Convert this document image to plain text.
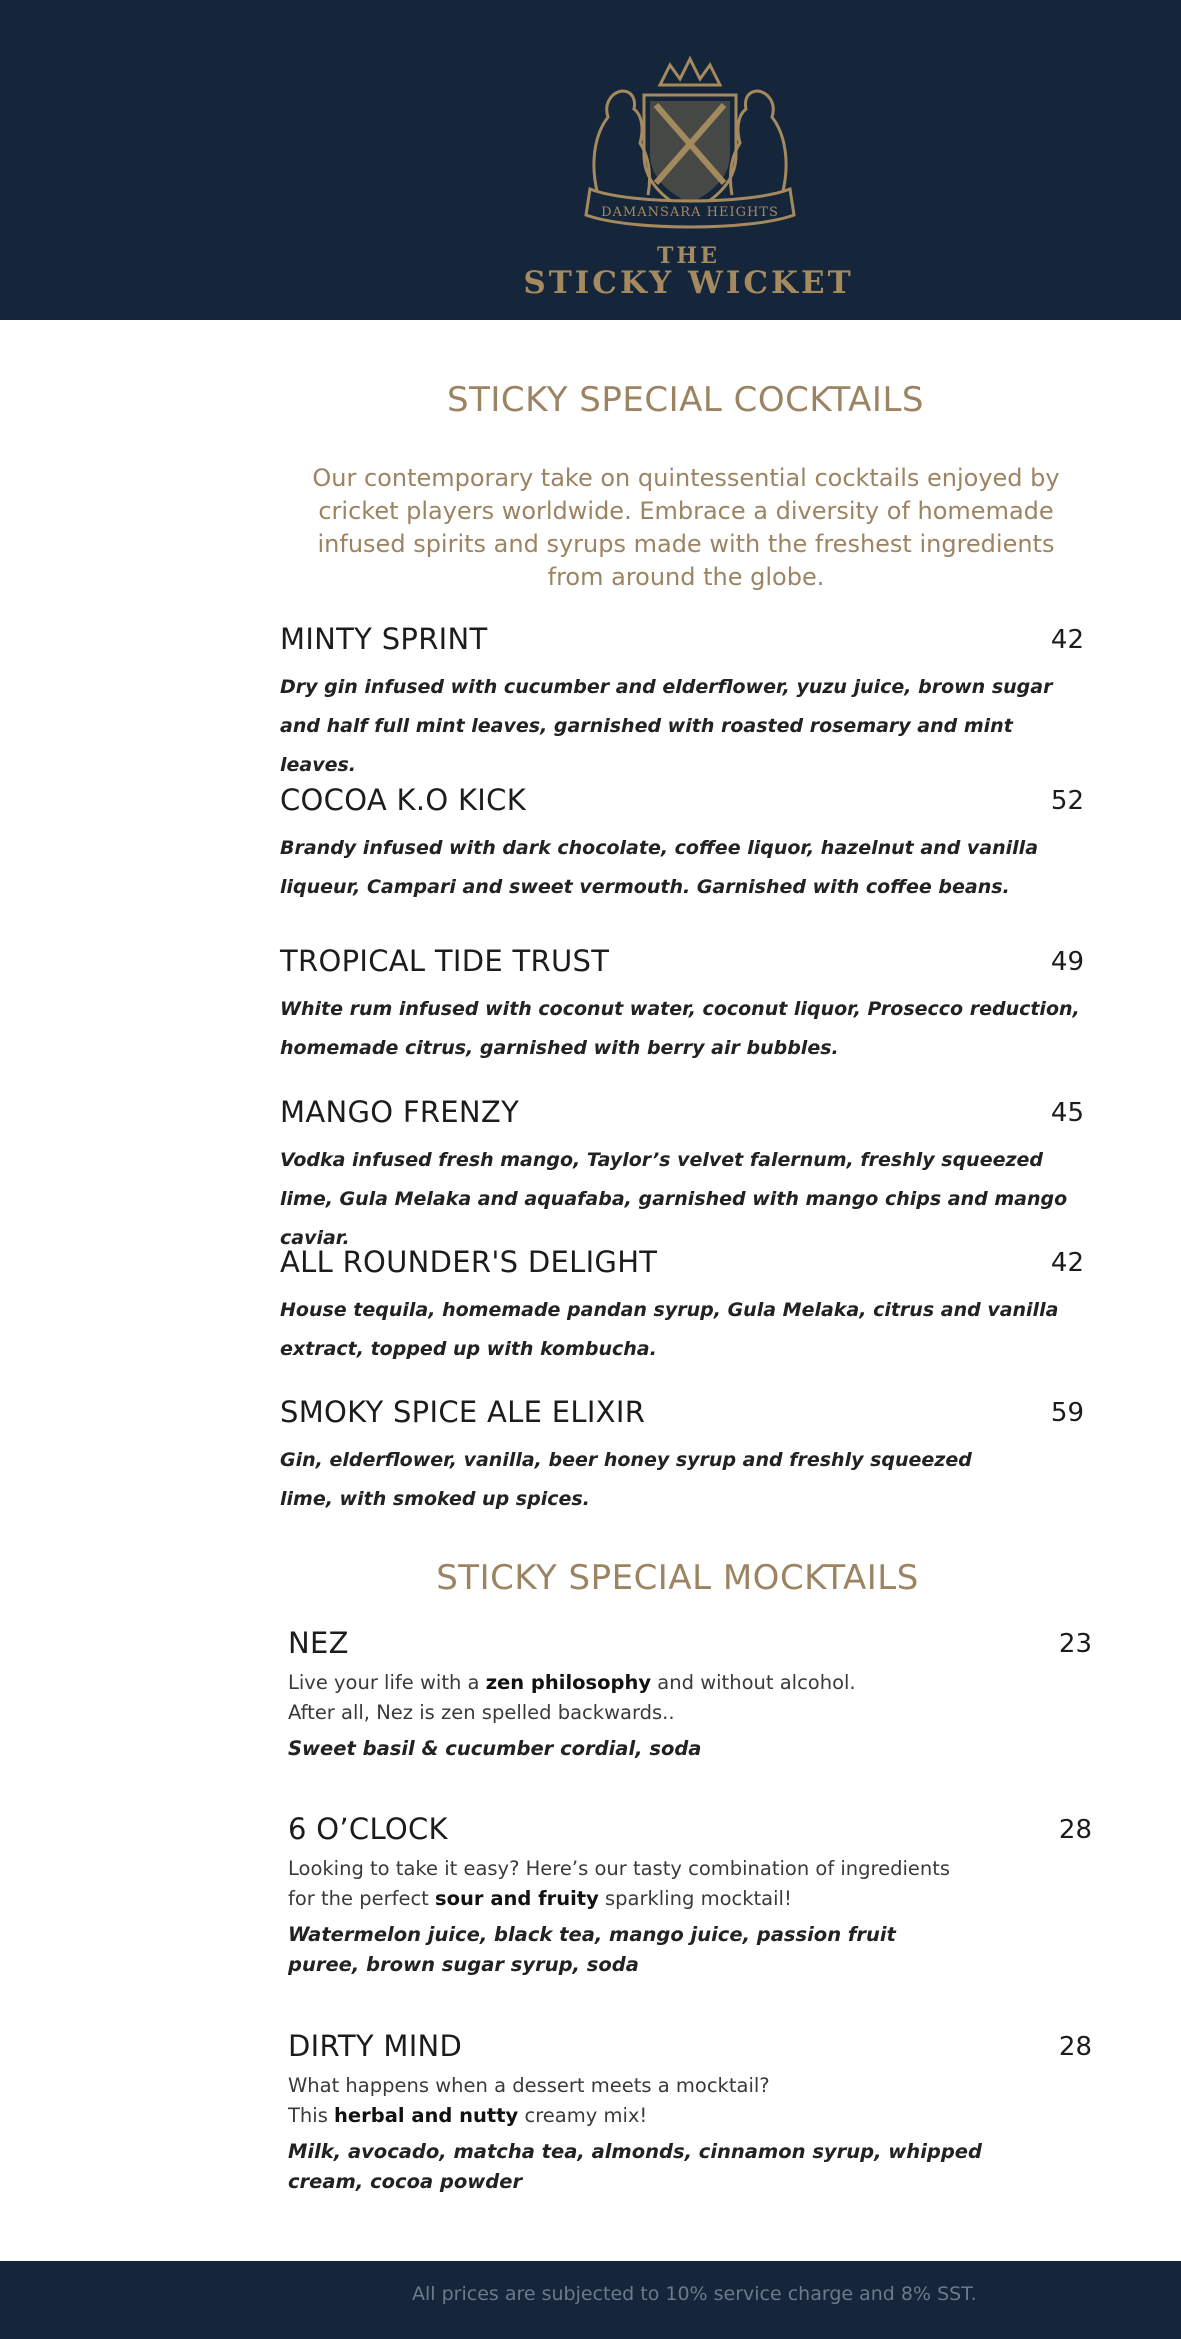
DAMANSARA HEIGHTS
THE
STICKY WICKET
STICKY SPECIAL COCKTAILS

Our contemporary take on quintessential cocktails enjoyed by cricket players worldwide. Embrace a diversity of homemade infused spirits and syrups made with the freshest ingredients from around the globe.

MINTY SPRINT	42

Dry gin infused with cucumber and elderflower, yuzu juice, brown sugar and half full mint leaves, garnished with roasted rosemary and mint leaves.

COCOA K.O KICK	52

Brandy infused with dark chocolate, coffee liquor, hazelnut and vanilla liqueur, Campari and sweet vermouth. Garnished with coffee beans.

TROPICAL TIDE TRUST	49

White rum infused with coconut water, coconut liquor, Prosecco reduction, homemade citrus, garnished with berry air bubbles.

MANGO FRENZY	45

Vodka infused fresh mango, Taylor’s velvet falernum, freshly squeezed lime, Gula Melaka and aquafaba, garnished with mango chips and mango caviar.

ALL ROUNDER'S DELIGHT	42

House tequila, homemade pandan syrup, Gula Melaka, citrus and vanilla extract, topped up with kombucha.

SMOKY SPICE ALE ELIXIR	59

Gin, elderflower, vanilla, beer honey syrup and freshly squeezed lime, with smoked up spices.

STICKY SPECIAL MOCKTAILS
NEZ	23
Live your life with a zen philosophy and without alcohol.
After all, Nez is zen spelled backwards..

Sweet basil & cucumber cordial, soda

6 O’CLOCK	28
Looking to take it easy? Here’s our tasty combination of ingredients
for the perfect sour and fruity sparkling mocktail!

Watermelon juice, black tea, mango juice, passion fruit puree, brown sugar syrup, soda

DIRTY MIND	28
What happens when a dessert meets a mocktail?
This herbal and nutty creamy mix!

Milk, avocado, matcha tea, almonds, cinnamon syrup, whipped cream, cocoa powder

All prices are subjected to 10% service charge and 8% SST.
